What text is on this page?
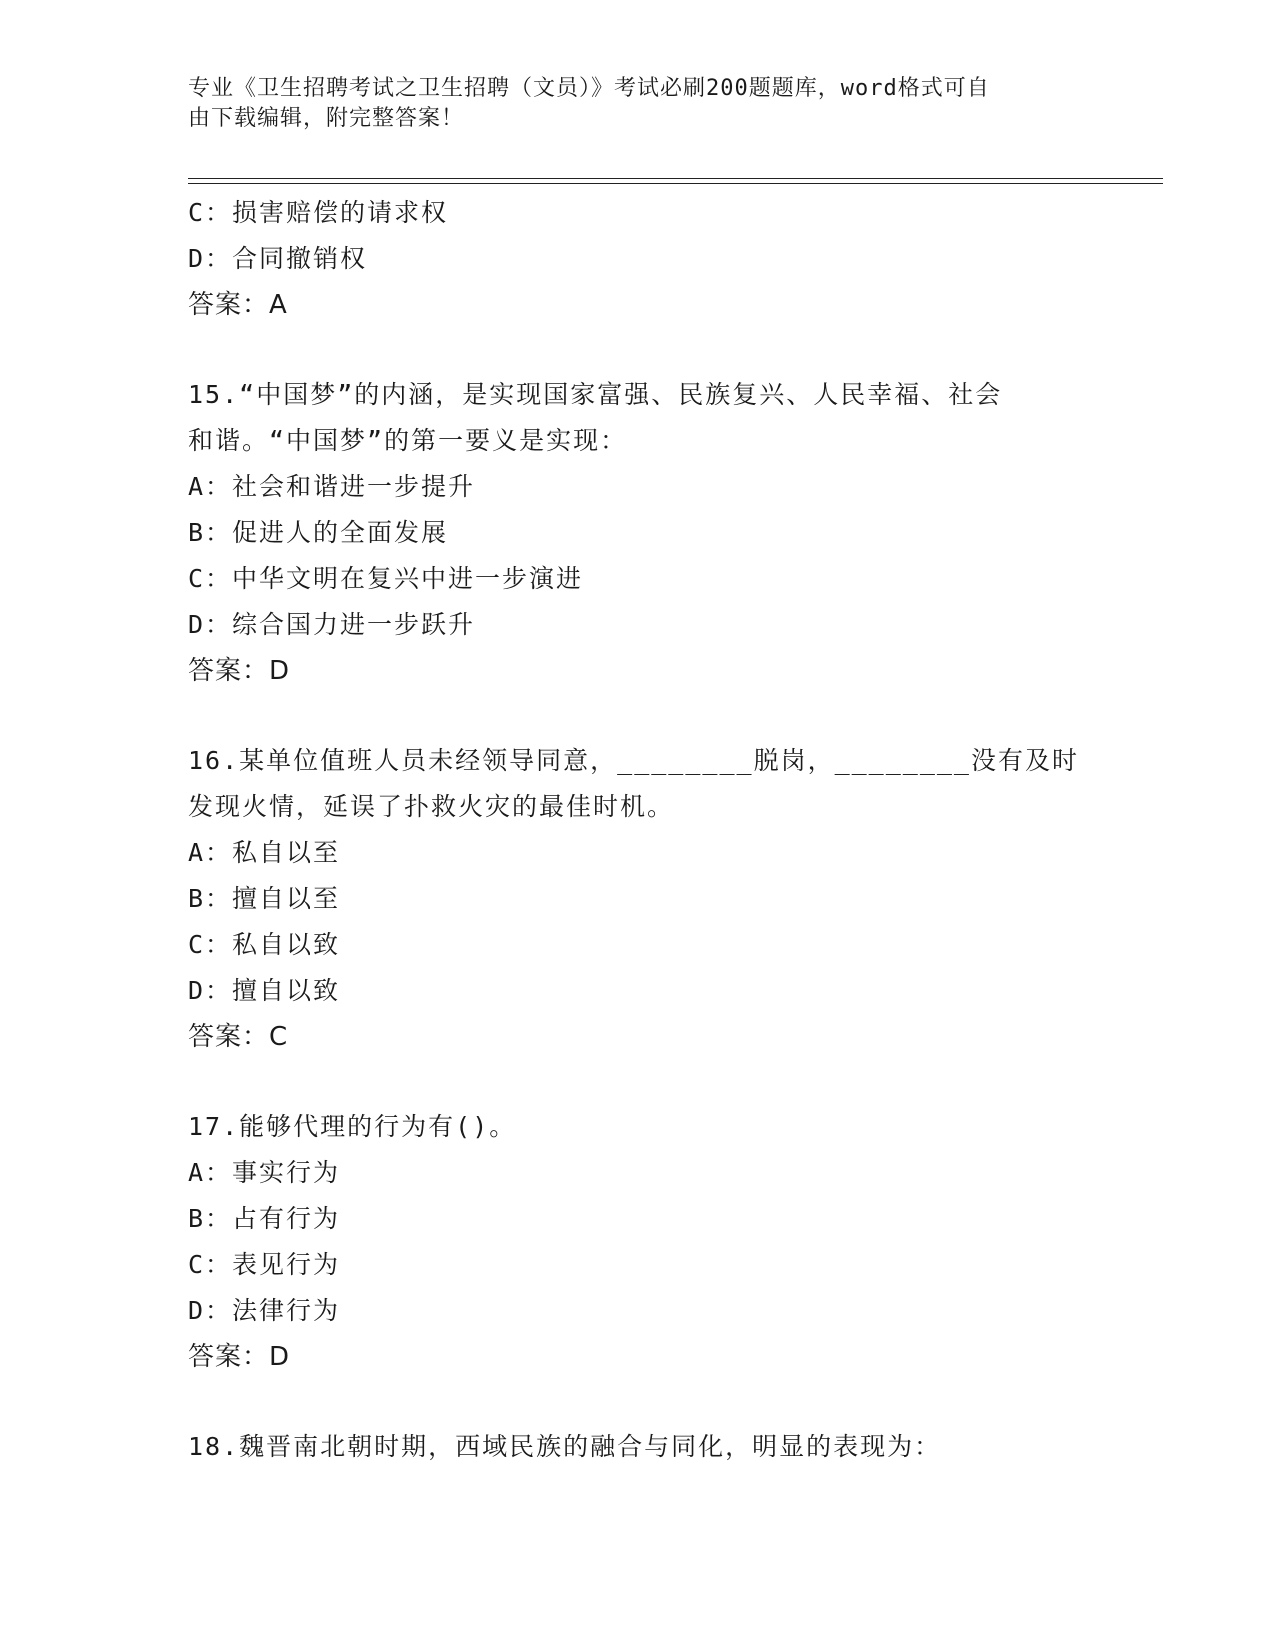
专业《卫生招聘考试之卫生招聘（文员）》考试必刷200题题库，word格式可自
由下载编辑，附完整答案！
C：损害赔偿的请求权
D：合同撤销权
答案：A
15.“中国梦”的内涵，是实现国家富强、民族复兴、人民幸福、社会
和谐。“中国梦”的第一要义是实现：
A：社会和谐进一步提升
B：促进人的全面发展
C：中华文明在复兴中进一步演进
D：综合国力进一步跃升
答案：D
16.某单位值班人员未经领导同意，________脱岗，________没有及时
发现火情，延误了扑救火灾的最佳时机。
A：私自以至
B：擅自以至
C：私自以致
D：擅自以致
答案：C
17.能够代理的行为有()。
A：事实行为
B：占有行为
C：表见行为
D：法律行为
答案：D
18.魏晋南北朝时期，西域民族的融合与同化，明显的表现为：
